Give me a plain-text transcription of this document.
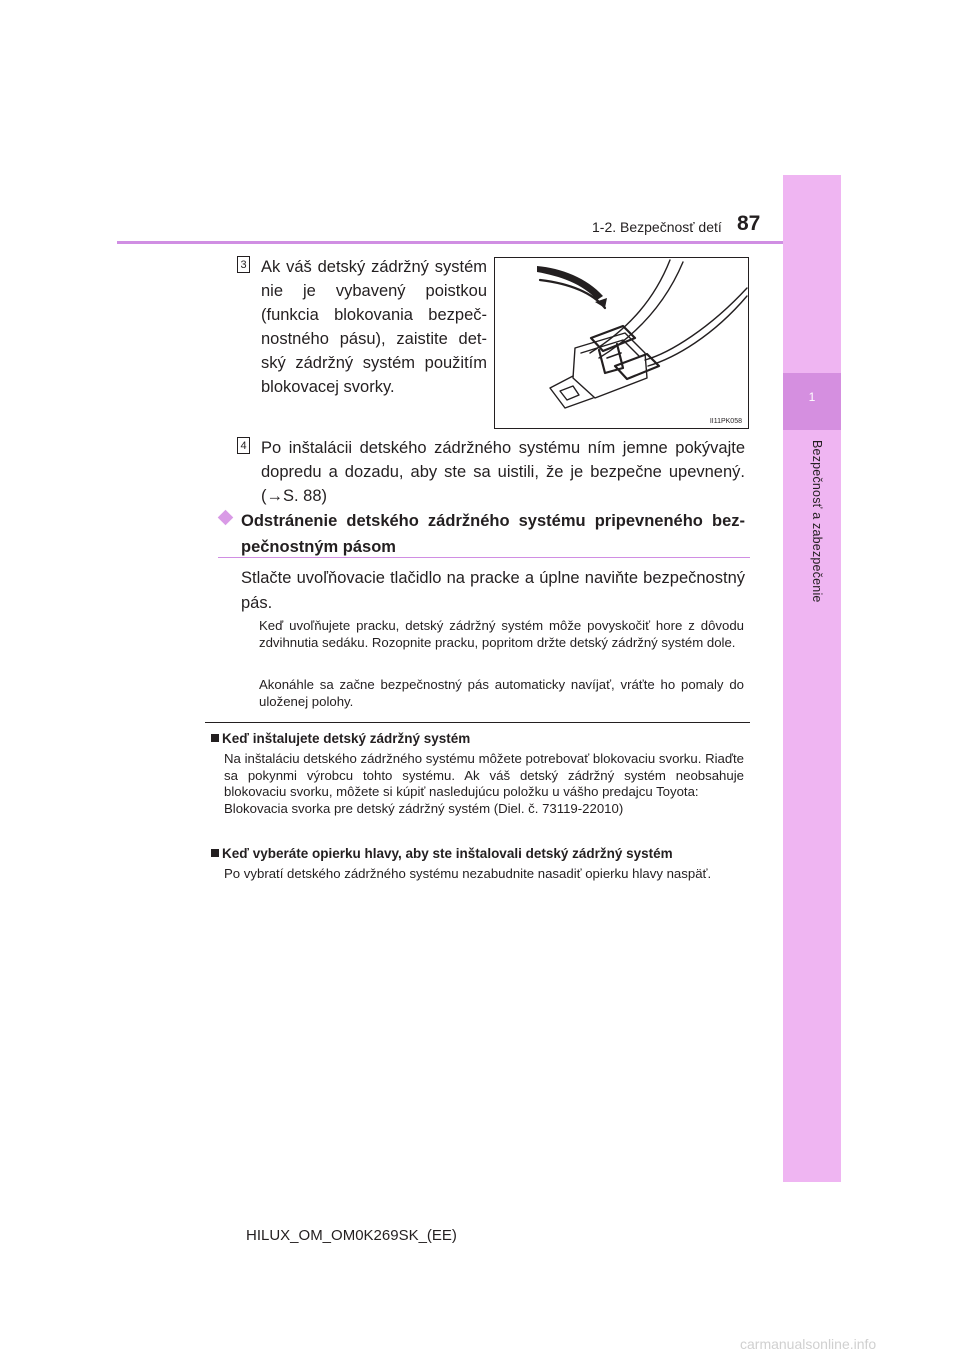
1
Bezpečnosť a zabezpečenie
1-2. Bezpečnosť detí 87
3 Ak váš detský zádržný systém nie je vybavený poistkou (funkcia blokovania bezpečnostného pásu), zaistite detský zádržný systém použitím blokovacej svorky.
II11PK058
4 Po inštalácii detského zádržného systému ním jemne pokývajte dopredu a dozadu, aby ste sa uistili, že je bezpečne upevnený. (→S. 88)
Odstránenie detského zádržného systému pripevneného bezpečnostným pásom
Stlačte uvoľňovacie tlačidlo na pracke a úplne naviňte bezpečnostný pás.
Keď uvoľňujete pracku, detský zádržný systém môže povyskočiť hore z dôvodu zdvihnutia sedáku. Rozopnite pracku, popritom držte detský zádržný systém dole.
Akonáhle sa začne bezpečnostný pás automaticky navíjať, vráťte ho pomaly do uloženej polohy.
Keď inštalujete detský zádržný systém
Na inštaláciu detského zádržného systému môžete potrebovať blokovaciu svorku. Riaďte sa pokynmi výrobcu tohto systému. Ak váš detský zádržný systém neobsahuje blokovaciu svorku, môžete si kúpiť nasledujúcu položku u vášho predajcu Toyota:
Blokovacia svorka pre detský zádržný systém (Diel. č. 73119-22010)
Keď vyberáte opierku hlavy, aby ste inštalovali detský zádržný systém
Po vybratí detského zádržného systému nezabudnite nasadiť opierku hlavy naspäť.
HILUX_OM_OM0K269SK_(EE)
carmanualsonline.info
